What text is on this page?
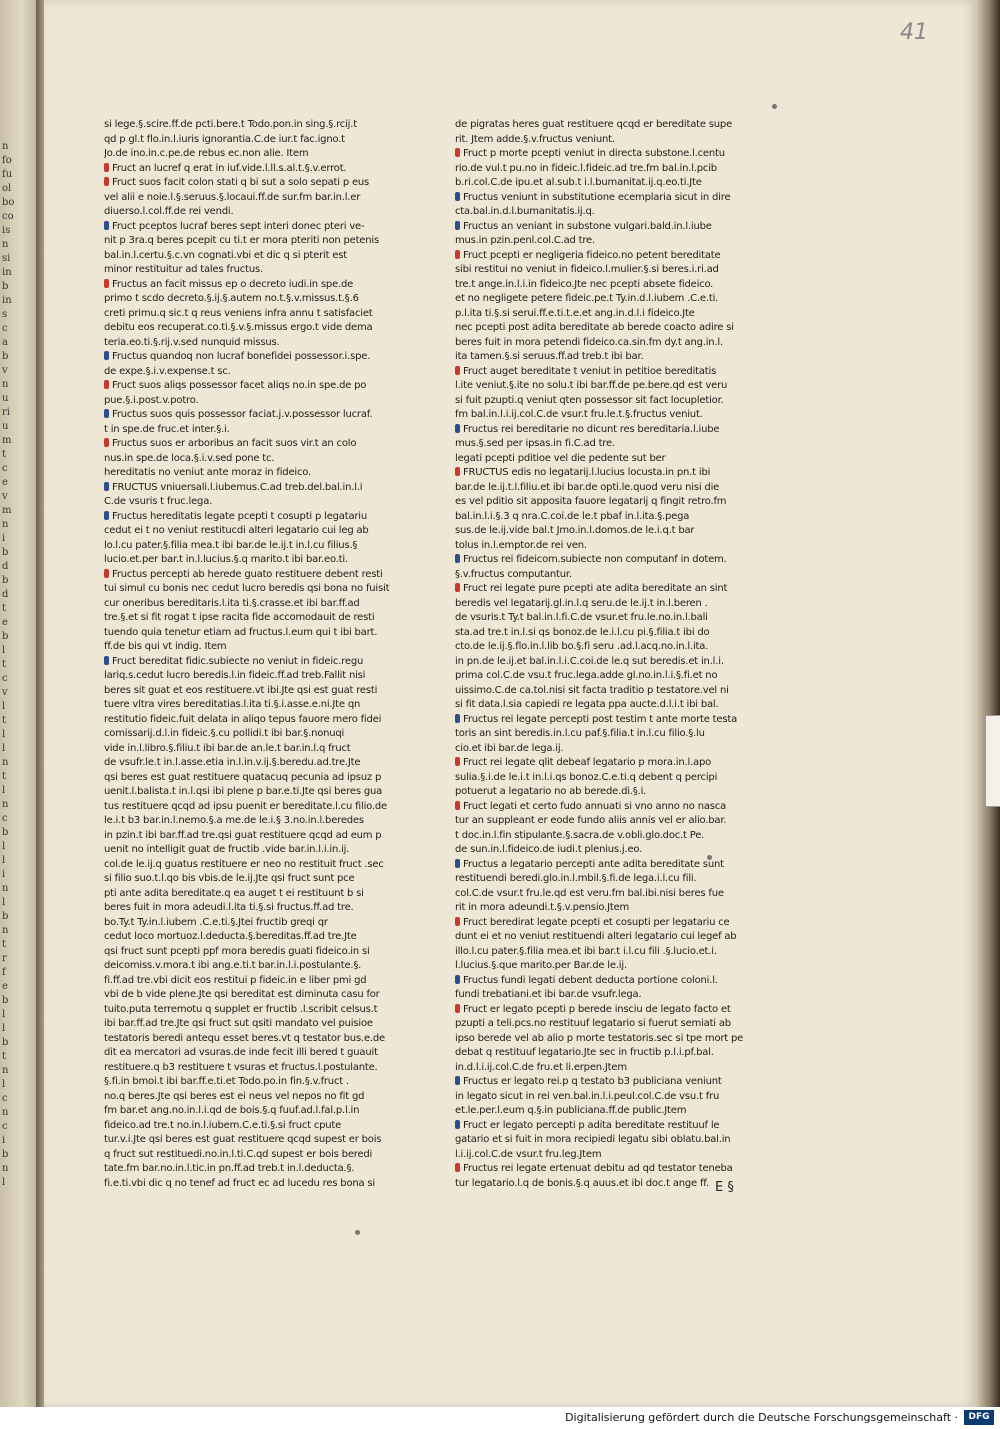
n
fo
fu
ol
bo
co
is
n
si
in
b
in
s
c
a
b
v
n
u
ri
u
m
t
c
e
v
m
n
i
b
d
b
d
t
e
b
l
t
c
v
l
t
l
l
n
t
l
n
c
b
l
l
i
n
l
b
n
t
r
f
e
b
l
l
b
t
n
l
c
n
c
i
b
n
l
41
si lege.§.scire.ff.de pcti.bere.t Todo.pon.in sing.§.rcij.t
qd p gl.t flo.in.l.iuris ignorantia.C.de iur.t fac.igno.t
Jo.de ino.in.c.pe.de rebus ec.non alie. Item
Fruct an lucref q erat in iuf.vide.l.ll.s.al.t.§.v.errot.
Fruct suos facit colon stati q bi sut a solo sepati p eus
vel alii e noie.l.§.seruus.§.locaui.ff.de sur.fm bar.in.l.er
diuerso.l.col.ff.de rei vendi.
Fruct pceptos lucraf beres sept interi donec pteri ve-
nit p 3ra.q beres pcepit cu ti.t er mora pteriti non petenis
bal.in.l.certu.§.c.vn cognati.vbi et dic q si pterit est
minor restituitur ad tales fructus.
Fructus an facit missus ep o decreto iudi.in spe.de
primo t scdo decreto.§.ij.§.autem no.t.§.v.missus.t.§.6
creti primu.q sic.t q reus veniens infra annu t satisfaciet
debitu eos recuperat.co.ti.§.v.§.missus ergo.t vide dema
teria.eo.ti.§.rij.v.sed nunquid missus.
Fructus quandoq non lucraf bonefidei possessor.i.spe.
de expe.§.i.v.expense.t sc.
Fruct suos aliqs possessor facet aliqs no.in spe.de po
pue.§.i.post.v.potro.
Fructus suos quis possessor faciat.j.v.possessor lucraf.
t in spe.de fruc.et inter.§.i.
Fructus suos er arboribus an facit suos vir.t an colo
nus.in spe.de loca.§.i.v.sed pone tc.
hereditatis no veniut ante moraz in fideico.
FRUCTUS vniuersali.l.iubemus.C.ad treb.del.bal.in.l.i
C.de vsuris t fruc.lega.
Fructus hereditatis legate pcepti t cosupti p legatariu
cedut ei t no veniut restitucdi alteri legatario cui leg ab
lo.l.cu pater.§.filia mea.t ibi bar.de le.ij.t in.l.cu filius.§
lucio.et.per bar.t in.l.lucius.§.q marito.t ibi bar.eo.ti.
Fructus percepti ab herede guato restituere debent resti
tui simul cu bonis nec cedut lucro beredis qsi bona no fuisit
cur oneribus bereditaris.l.ita ti.§.crasse.et ibi bar.ff.ad
tre.§.et si fit rogat t ipse racita fide accomodauit de resti
tuendo quia tenetur etiam ad fructus.l.eum qui t ibi bart.
ff.de bis qui vt indig. Item
Fruct bereditat fidic.subiecte no veniut in fideic.regu
lariq.s.cedut lucro beredis.l.in fideic.ff.ad treb.Fallit nisi
beres sit guat et eos restituere.vt ibi.Jte qsi est guat resti
tuere vltra vires bereditatias.l.ita ti.§.i.asse.e.ni.Jte qn
restitutio fideic.fuit delata in aliqo tepus fauore mero fidei
comissarij.d.l.in fideic.§.cu pollidi.t ibi bar.§.nonuqi
vide in.l.libro.§.filiu.t ibi bar.de an.le.t bar.in.l.q fruct
de vsufr.le.t in.l.asse.etia in.l.in.v.ij.§.beredu.ad.tre.Jte
qsi beres est guat restituere quatacuq pecunia ad ipsuz p
uenit.l.balista.t in.l.qsi ibi plene p bar.e.ti.Jte qsi beres gua
tus restituere qcqd ad ipsu puenit er bereditate.l.cu filio.de
le.i.t b3 bar.in.l.nemo.§.a me.de le.i.§ 3.no.in.l.beredes
in pzin.t ibi bar.ff.ad tre.qsi guat restituere qcqd ad eum p
uenit no intelligit guat de fructib .vide bar.in.l.i.in.ij.
col.de le.ij.q guatus restituere er neo no restituit fruct .sec
si filio suo.t.l.qo bis vbis.de le.ij.Jte qsi fruct sunt pce
pti ante adita bereditate.q ea auget t ei restituunt b si
beres fuit in mora adeudi.l.ita ti.§.si fructus.ff.ad tre.
bo.Ty.t Ty.in.l.iubem .C.e.ti.§.Jtei fructib greqi qr
cedut loco mortuoz.l.deducta.§.bereditas.ff.ad tre.Jte
qsi fruct sunt pcepti ppf mora beredis guati fideico.in si
deicomiss.v.mora.t ibi ang.e.ti.t bar.in.l.i.postulante.§.
fi.ff.ad tre.vbi dicit eos restitui p fideic.in e liber pmi gd
vbi de b vide plene.Jte qsi bereditat est diminuta casu for
tuito.puta terremotu q supplet er fructib .l.scribit celsus.t
ibi bar.ff.ad tre.Jte qsi fruct sut qsiti mandato vel puisioe
testatoris beredi antequ esset beres.vt q testator bus.e.de
dit ea mercatori ad vsuras.de inde fecit illi bered t guauit
restituere.q b3 restituere t vsuras et fructus.l.postulante.
§.fi.in bmoi.t ibi bar.ff.e.ti.et Todo.po.in fin.§.v.fruct .
no.q beres.Jte qsi beres est ei neus vel nepos no fit gd
fm bar.et ang.no.in.l.i.qd de bois.§.q fuuf.ad.l.fal.p.l.in
fideico.ad tre.t no.in.l.iubem.C.e.ti.§.si fruct cpute
tur.v.i.Jte qsi beres est guat restituere qcqd supest er bois
q fruct sut restituedi.no.in.l.ti.C.qd supest er bois beredi
tate.fm bar.no.in.l.tic.in pn.ff.ad treb.t in.l.deducta.§.
fi.e.ti.vbi dic q no tenef ad fruct ec ad lucedu res bona si
de pigratas heres guat restituere qcqd er bereditate supe
rit. Jtem adde.§.v.fructus veniunt.
Fruct p morte pcepti veniut in directa substone.l.centu
rio.de vul.t pu.no in fideic.l.fideic.ad tre.fm bal.in.l.pcib
b.ri.col.C.de ipu.et al.sub.t i.l.bumanitat.ij.q.eo.ti.Jte
Fructus veniunt in substitutione ecemplaria sicut in dire
cta.bal.in.d.l.bumanitatis.ij.q.
Fructus an veniant in substone vulgari.bald.in.l.iube
mus.in pzin.penl.col.C.ad tre.
Fruct pcepti er negligeria fideico.no petent bereditate
sibi restitui no veniut in fideico.l.mulier.§.si beres.i.ri.ad
tre.t ange.in.l.i.in fideico.Jte nec pcepti absete fideico.
et no negligete petere fideic.pe.t Ty.in.d.l.iubem .C.e.ti.
p.l.ita ti.§.si serui.ff.e.ti.t.e.et ang.in.d.l.i fideico.Jte
nec pcepti post adita bereditate ab berede coacto adire si
beres fuit in mora petendi fideico.ca.sin.fm dy.t ang.in.l.
ita tamen.§.si seruus.ff.ad treb.t ibi bar.
Fruct auget bereditate t veniut in petitioe bereditatis
l.ite veniut.§.ite no solu.t ibi bar.ff.de pe.bere.qd est veru
si fuit pzupti.q veniut qten possessor sit fact locupletior.
fm bal.in.l.i.ij.col.C.de vsur.t fru.le.t.§.fructus veniut.
Fructus rei bereditarie no dicunt res bereditaria.l.iube
mus.§.sed per ipsas.in fi.C.ad tre.
legati pcepti pditioe vel die pedente sut ber
FRUCTUS edis no legatarij.l.lucius locusta.in pn.t ibi
bar.de le.ij.t.l.filiu.et ibi bar.de opti.le.quod veru nisi die
es vel pditio sit apposita fauore legatarij q fingit retro.fm
bal.in.l.i.§.3 q nra.C.coi.de le.t pbaf in.l.ita.§.pega
sus.de le.ij.vide bal.t Jmo.in.l.domos.de le.i.q.t bar
tolus in.l.emptor.de rei ven.
Fructus rei fideicom.subiecte non computanf in dotem.
§.v.fructus computantur.
Fruct rei legate pure pcepti ate adita bereditate an sint
beredis vel legatarij.gl.in.l.q seru.de le.ij.t in.l.beren .
de vsuris.t Ty.t bal.in.l.fi.C.de vsur.et fru.le.no.in.l.bali
sta.ad tre.t in.l.si qs bonoz.de le.i.l.cu pi.§.filia.t ibi do
cto.de le.ij.§.flo.in.l.lib bo.§.fi seru .ad.l.acq.no.in.l.ita.
in pn.de le.ij.et bal.in.l.i.C.coi.de le.q sut beredis.et in.l.i.
prima col.C.de vsu.t fruc.lega.adde gl.no.in.l.i.§.fi.et no
uissimo.C.de ca.tol.nisi sit facta traditio p testatore.vel ni
si fit data.l.sia capiedi re legata ppa aucte.d.l.i.t ibi bal.
Fructus rei legate percepti post testim t ante morte testa
toris an sint beredis.in.l.cu paf.§.filia.t in.l.cu filio.§.lu
cio.et ibi bar.de lega.ij.
Fruct rei legate qlit debeaf legatario p mora.in.l.apo
sulia.§.i.de le.i.t in.l.i.qs bonoz.C.e.ti.q debent q percipi
potuerut a legatario no ab berede.di.§.i.
Fruct legati et certo fudo annuati si vno anno no nasca
tur an suppleant er eode fundo aliis annis vel er alio.bar.
t doc.in.l.fin stipulante.§.sacra.de v.obli.glo.doc.t Pe.
de sun.in.l.fideico.de iudi.t plenius.j.eo.
Fructus a legatario percepti ante adita bereditate sunt
restituendi beredi.glo.in.l.mbil.§.fi.de lega.i.l.cu fili.
col.C.de vsur.t fru.le.qd est veru.fm bal.ibi.nisi beres fue
rit in mora adeundi.t.§.v.pensio.Jtem
Fruct beredirat legate pcepti et cosupti per legatariu ce
dunt ei et no veniut restituendi alteri legatario cui legef ab
illo.l.cu pater.§.filia mea.et ibi bar.t i.l.cu fili .§.lucio.et.i.
l.lucius.§.que marito.per Bar.de le.ij.
Fructus fundi legati debent deducta portione coloni.l.
fundi trebatiani.et ibi bar.de vsufr.lega.
Fruct er legato pcepti p berede insciu de legato facto et
pzupti a teli.pcs.no restituuf legatario si fuerut semiati ab
ipso berede vel ab alio p morte testatoris.sec si tpe mort pe
debat q restituuf legatario.Jte sec in fructib p.l.i.pf.bal.
in.d.l.i.ij.col.C.de fru.et li.erpen.Jtem
Fructus er legato rei.p q testato b3 publiciana veniunt
in legato sicut in rei ven.bal.in.l.i.peul.col.C.de vsu.t fru
et.le.per.l.eum q.§.in publiciana.ff.de public.Jtem
Fruct er legato percepti p adita bereditate restituuf le
gatario et si fuit in mora recipiedi legatu sibi oblatu.bal.in
l.i.ij.col.C.de vsur.t fru.leg.Jtem
Fructus rei legate ertenuat debitu ad qd testator teneba
tur legatario.l.q de bonis.§.q auus.et ibi doc.t ange ff. E §
Digitalisierung gefördert durch die Deutsche Forschungsgemeinschaft ·	DFG
